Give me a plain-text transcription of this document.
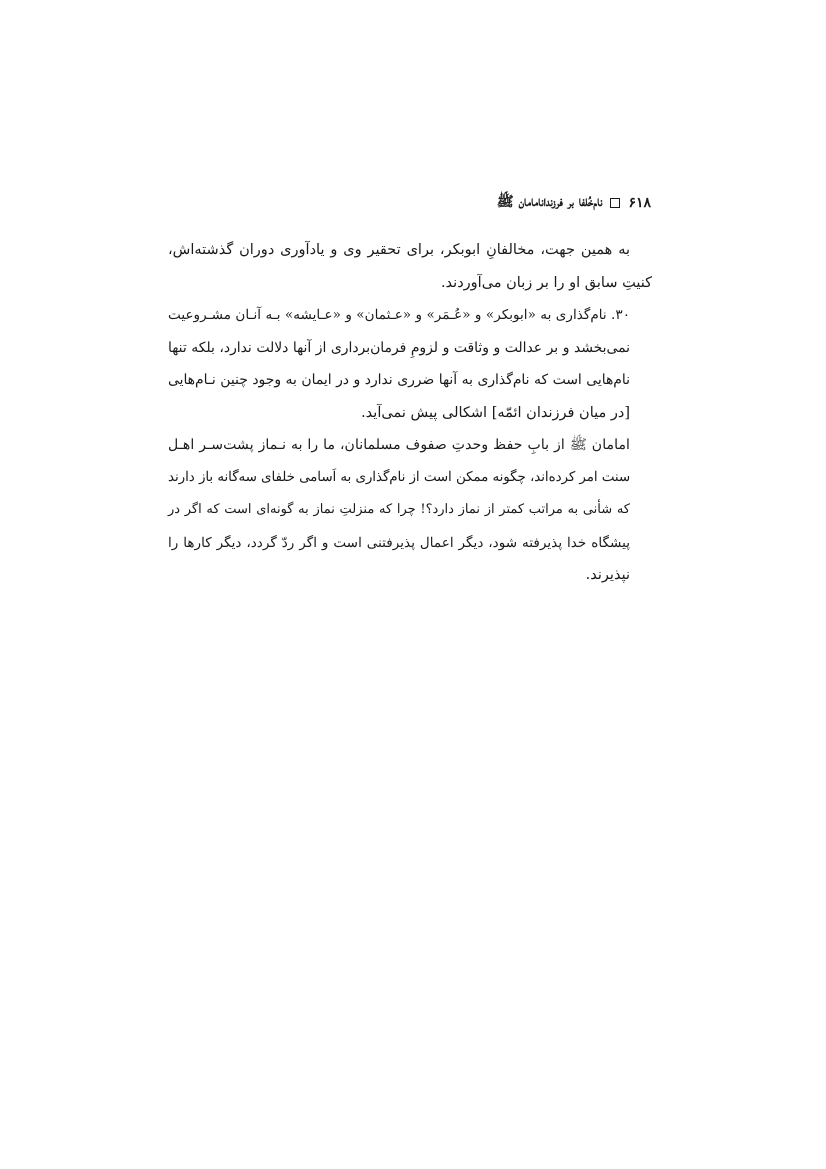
۶۱۸
نام‌خُلفا بر فرزندانامامان ﷺ

به همین جهت، مخالفانِ ابوبکر، برای تحقیر وی و یادآوری دوران گذشته‌اش،
کنیتِ سابق او را بر زبان می‌آوردند.

۳۰. نام‌گذاری به «ابوبکر» و «عُـمَر» و «عـثمان» و «عـایشه» بـه آنـان مشـروعیت
نمی‌بخشد و بر عدالت و وثاقت و لزومِ فرمان‌برداری از آنها دلالت ندارد، بلکه تنها
نام‌هایی است که نام‌گذاری به آنها ضرری ندارد و در ایمان به وجود چنین نـام‌هایی
[در میان فرزندان ائمّه] اشکالی پیش نمی‌آید.

امامان ﷺ از بابِ حفظ وحدتِ صفوف مسلمانان، ما را به نـماز پشت‌سـر اهـل
سنت امر کرده‌اند، چگونه ممکن است از نام‌گذاری به اَسامی خلفای سه‌گانه باز دارند
که شأنی به مراتب کمتر از نماز دارد؟! چرا که منزلتِ نماز به گونه‌ای است که اگر در
پیشگاه خدا پذیرفته شود، دیگر اعمال پذیرفتنی است و اگر ردّ گردد، دیگر کارها را
نپذیرند.
